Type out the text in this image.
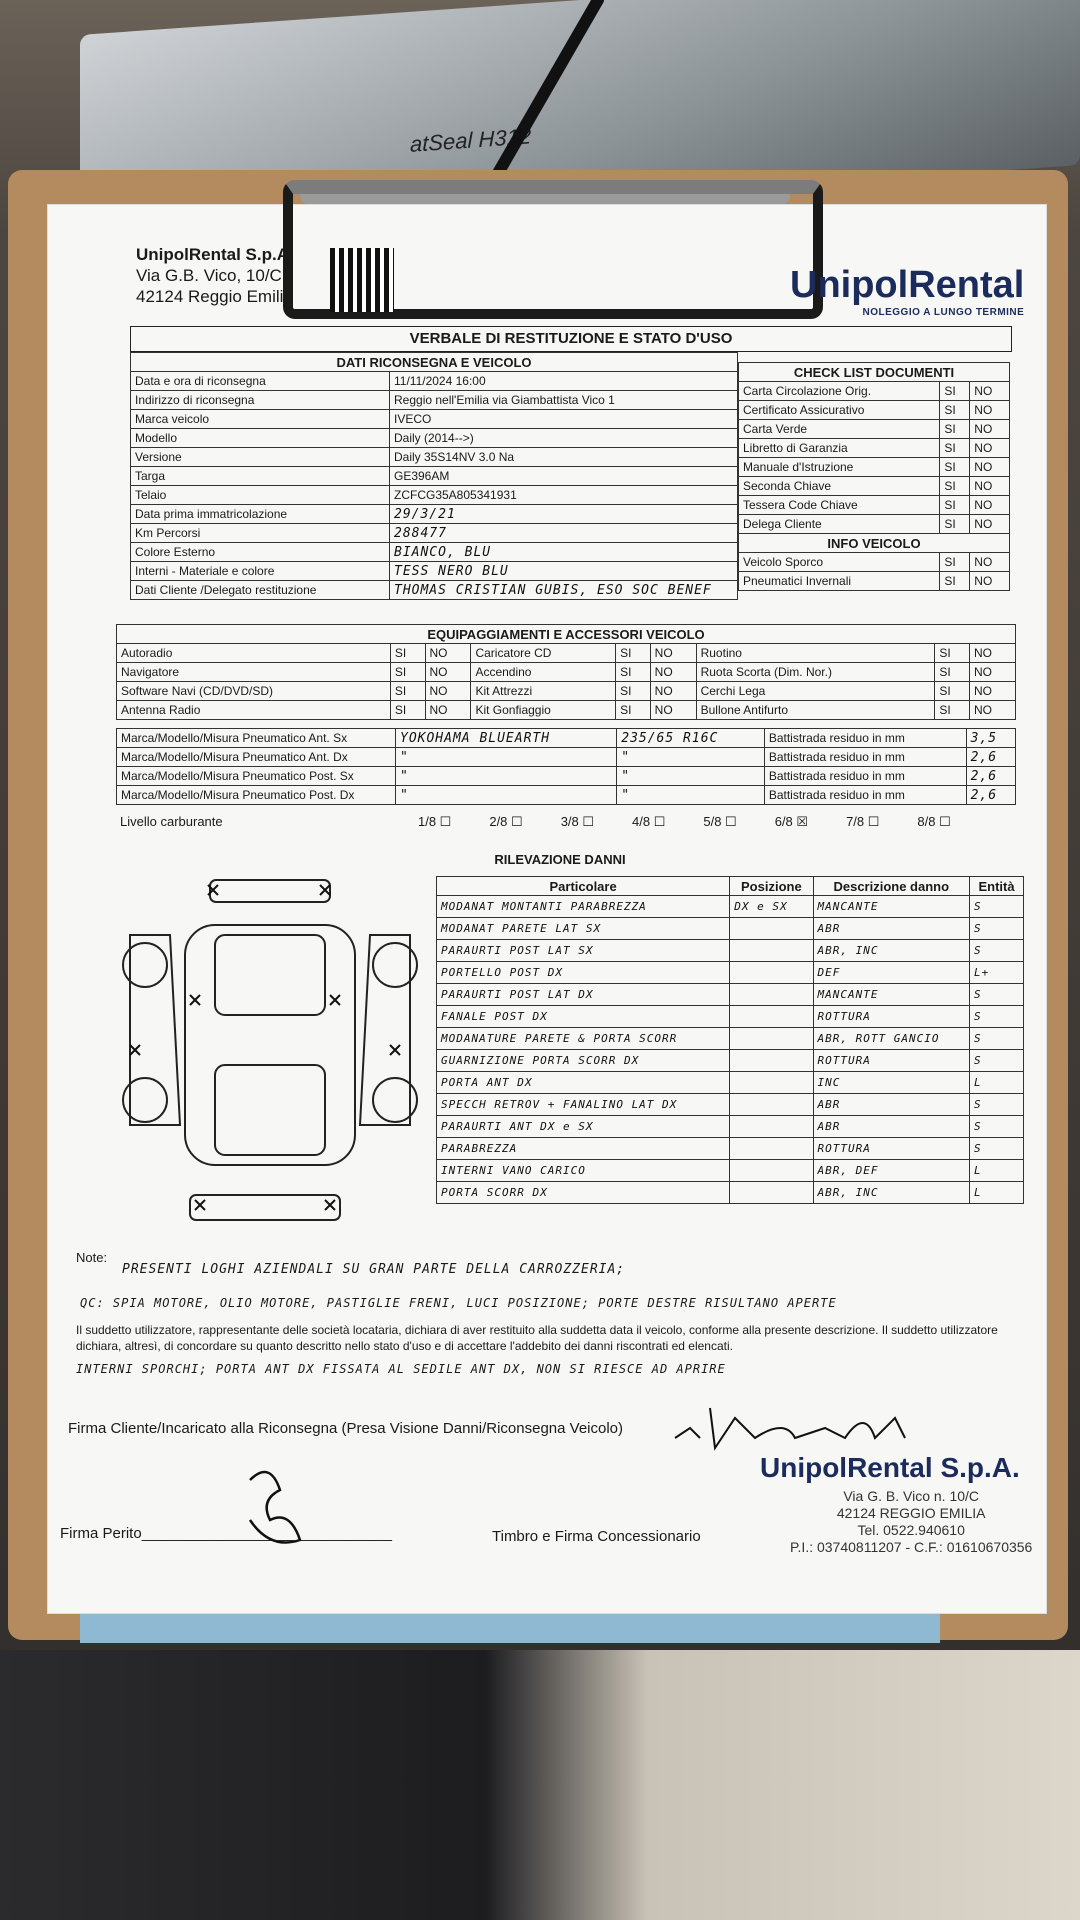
atSeal H312
UnipolRental S.p.A.
Via G.B. Vico, 10/C
42124 Reggio Emilia	UnipolRental
NOLEGGIO A LUNGO TERMINE
VERBALE DI RESTITUZIONE E STATO D'USO
DATI RICONSEGNA E VEICOLO	
Data e ora di riconsegna	11/11/2024 16:00
Indirizzo di riconsegna	Reggio nell'Emilia via Giambattista Vico 1
Marca veicolo	IVECO
Modello	Daily (2014-->)
Versione	Daily 35S14NV 3.0 Na
Targa	GE396AM
Telaio	ZCFCG35A805341931
Data prima immatricolazione	29/3/21
Km Percorsi	288477
Colore Esterno	BIANCO, BLU
Interni - Materiale e colore	TESS NERO BLU
Dati Cliente /Delegato restituzione	THOMAS CRISTIAN GUBIS, ESO SOC BENEF
CHECK LIST DOCUMENTI		
Carta Circolazione Orig.	SI	NO
Certificato Assicurativo	SI	NO
Carta Verde	SI	NO
Libretto di Garanzia	SI	NO
Manuale d'Istruzione	SI	NO
Seconda Chiave	SI	NO
Tessera Code Chiave	SI	NO
Delega Cliente	SI	NO
INFO VEICOLO		
Veicolo Sporco	SI	NO
Pneumatici Invernali	SI	NO
EQUIPAGGIAMENTI E ACCESSORI VEICOLO								
Autoradio	SI	NO	Caricatore CD	SI	NO	Ruotino	SI	NO
Navigatore	SI	NO	Accendino	SI	NO	Ruota Scorta (Dim. Nor.)	SI	NO
Software Navi (CD/DVD/SD)	SI	NO	Kit Attrezzi	SI	NO	Cerchi Lega	SI	NO
Antenna Radio	SI	NO	Kit Gonfiaggio	SI	NO	Bullone Antifurto	SI	NO
Marca/Modello/Misura Pneumatico Ant. Sx	YOKOHAMA BLUEARTH	235/65 R16C	Battistrada residuo in mm	3,5
Marca/Modello/Misura Pneumatico Ant. Dx	"	"	Battistrada residuo in mm	2,6
Marca/Modello/Misura Pneumatico Post. Sx	"	"	Battistrada residuo in mm	2,6
Marca/Modello/Misura Pneumatico Post. Dx	"	"	Battistrada residuo in mm	2,6
Livello carburante	1/8 ☐	2/8 ☐	3/8 ☐	4/8 ☐	5/8 ☐	6/8 ☒	7/8 ☐	8/8 ☐
Particolare	Posizione	Descrizione danno	Entità
MODANAT MONTANTI PARABREZZA	DX e SX	MANCANTE	S
MODANAT PARETE LAT SX		ABR	S
PARAURTI POST LAT SX		ABR, INC	S
PORTELLO POST DX		DEF	L+
PARAURTI POST LAT DX		MANCANTE	S
FANALE POST DX		ROTTURA	S
MODANATURE PARETE & PORTA SCORR		ABR, ROTT GANCIO	S
GUARNIZIONE PORTA SCORR DX		ROTTURA	S
PORTA ANT DX		INC	L
SPECCH RETROV + FANALINO LAT DX		ABR	S
PARAURTI ANT DX e SX		ABR	S
PARABREZZA		ROTTURA	S
INTERNI VANO CARICO		ABR, DEF	L
PORTA SCORR DX		ABR, INC	L
RILEVAZIONE DANNI
Note:
PRESENTI LOGHI AZIENDALI SU GRAN PARTE DELLA CARROZZERIA;
QC: SPIA MOTORE, OLIO MOTORE, PASTIGLIE FRENI, LUCI POSIZIONE; PORTE DESTRE RISULTANO APERTE
Il suddetto utilizzatore, rappresentante delle società locataria, dichiara di aver restituito alla suddetta data il veicolo, conforme alla presente descrizione. Il suddetto utilizzatore dichiara, altresì, di concordare su quanto descritto nello stato d'uso e di accettare l'addebito dei danni riscontrati ed elencati.
INTERNI SPORCHI; PORTA ANT DX FISSATA AL SEDILE ANT DX, NON SI RIESCE AD APRIRE
Firma Cliente/Incaricato alla Riconsegna (Presa Visione Danni/Riconsegna Veicolo)
Firma Perito______________________________	Timbro e Firma Concessionario
UnipolRental S.p.A.
Via G. B. Vico n. 10/C
42124 REGGIO EMILIA
Tel. 0522.940610
P.I.: 03740811207 - C.F.: 01610670356
